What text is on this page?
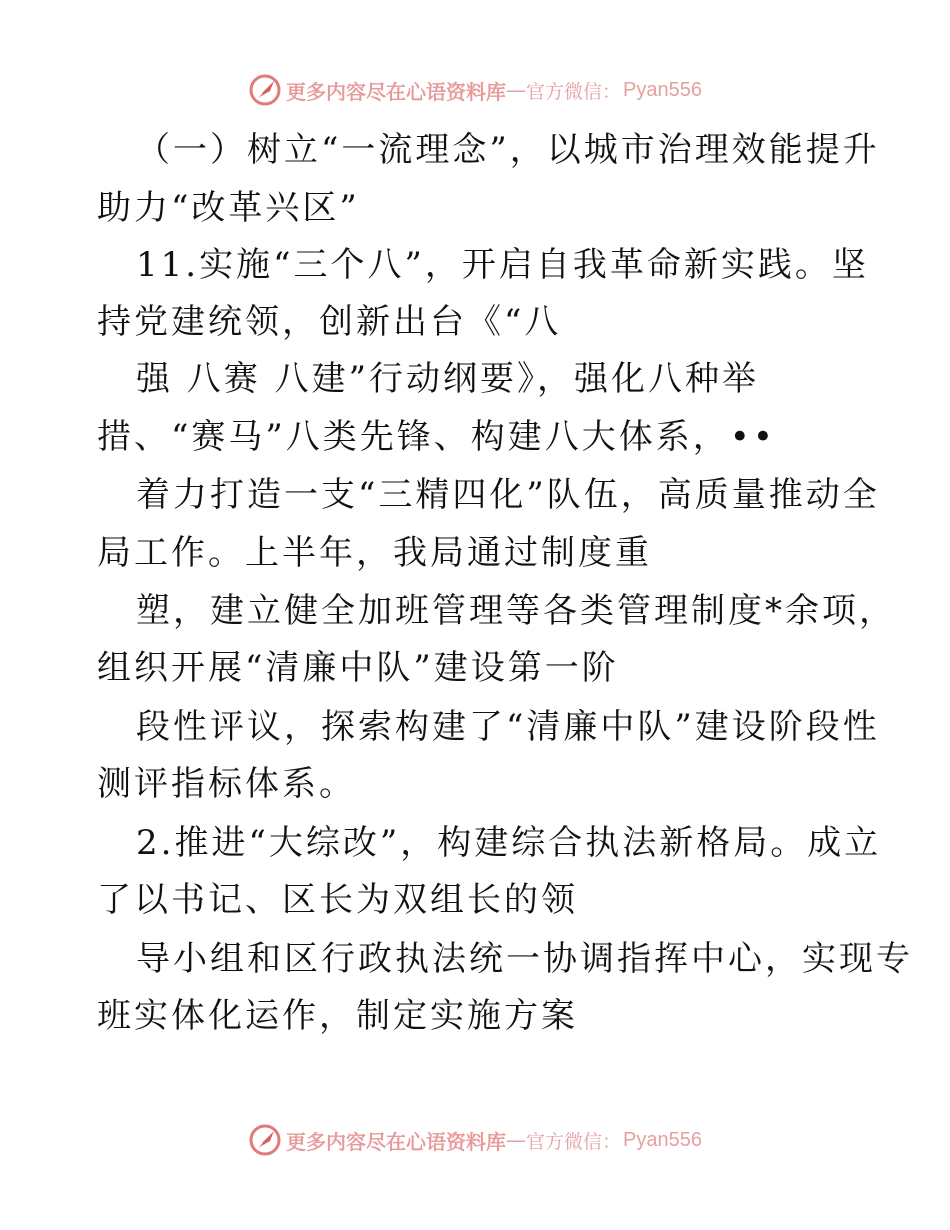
更多内容尽在心语资料库 — 官方微信： Pyan556
（一）树立“一流理念”，以城市治理效能提升
助力“改革兴区”
11.实施“三个八”，开启自我革命新实践。坚
持党建统领，创新出台《“八
强 八赛 八建”行动纲要》，强化八种举
措、“赛马”八类先锋、构建八大体系，••
着力打造一支“三精四化”队伍，高质量推动全
局工作。上半年，我局通过制度重
塑，建立健全加班管理等各类管理制度*余项，
组织开展“清廉中队”建设第一阶
段性评议，探索构建了“清廉中队”建设阶段性
测评指标体系。
2.推进“大综改”，构建综合执法新格局。成立
了以书记、区长为双组长的领
导小组和区行政执法统一协调指挥中心，实现专
班实体化运作，制定实施方案
更多内容尽在心语资料库 — 官方微信： Pyan556
